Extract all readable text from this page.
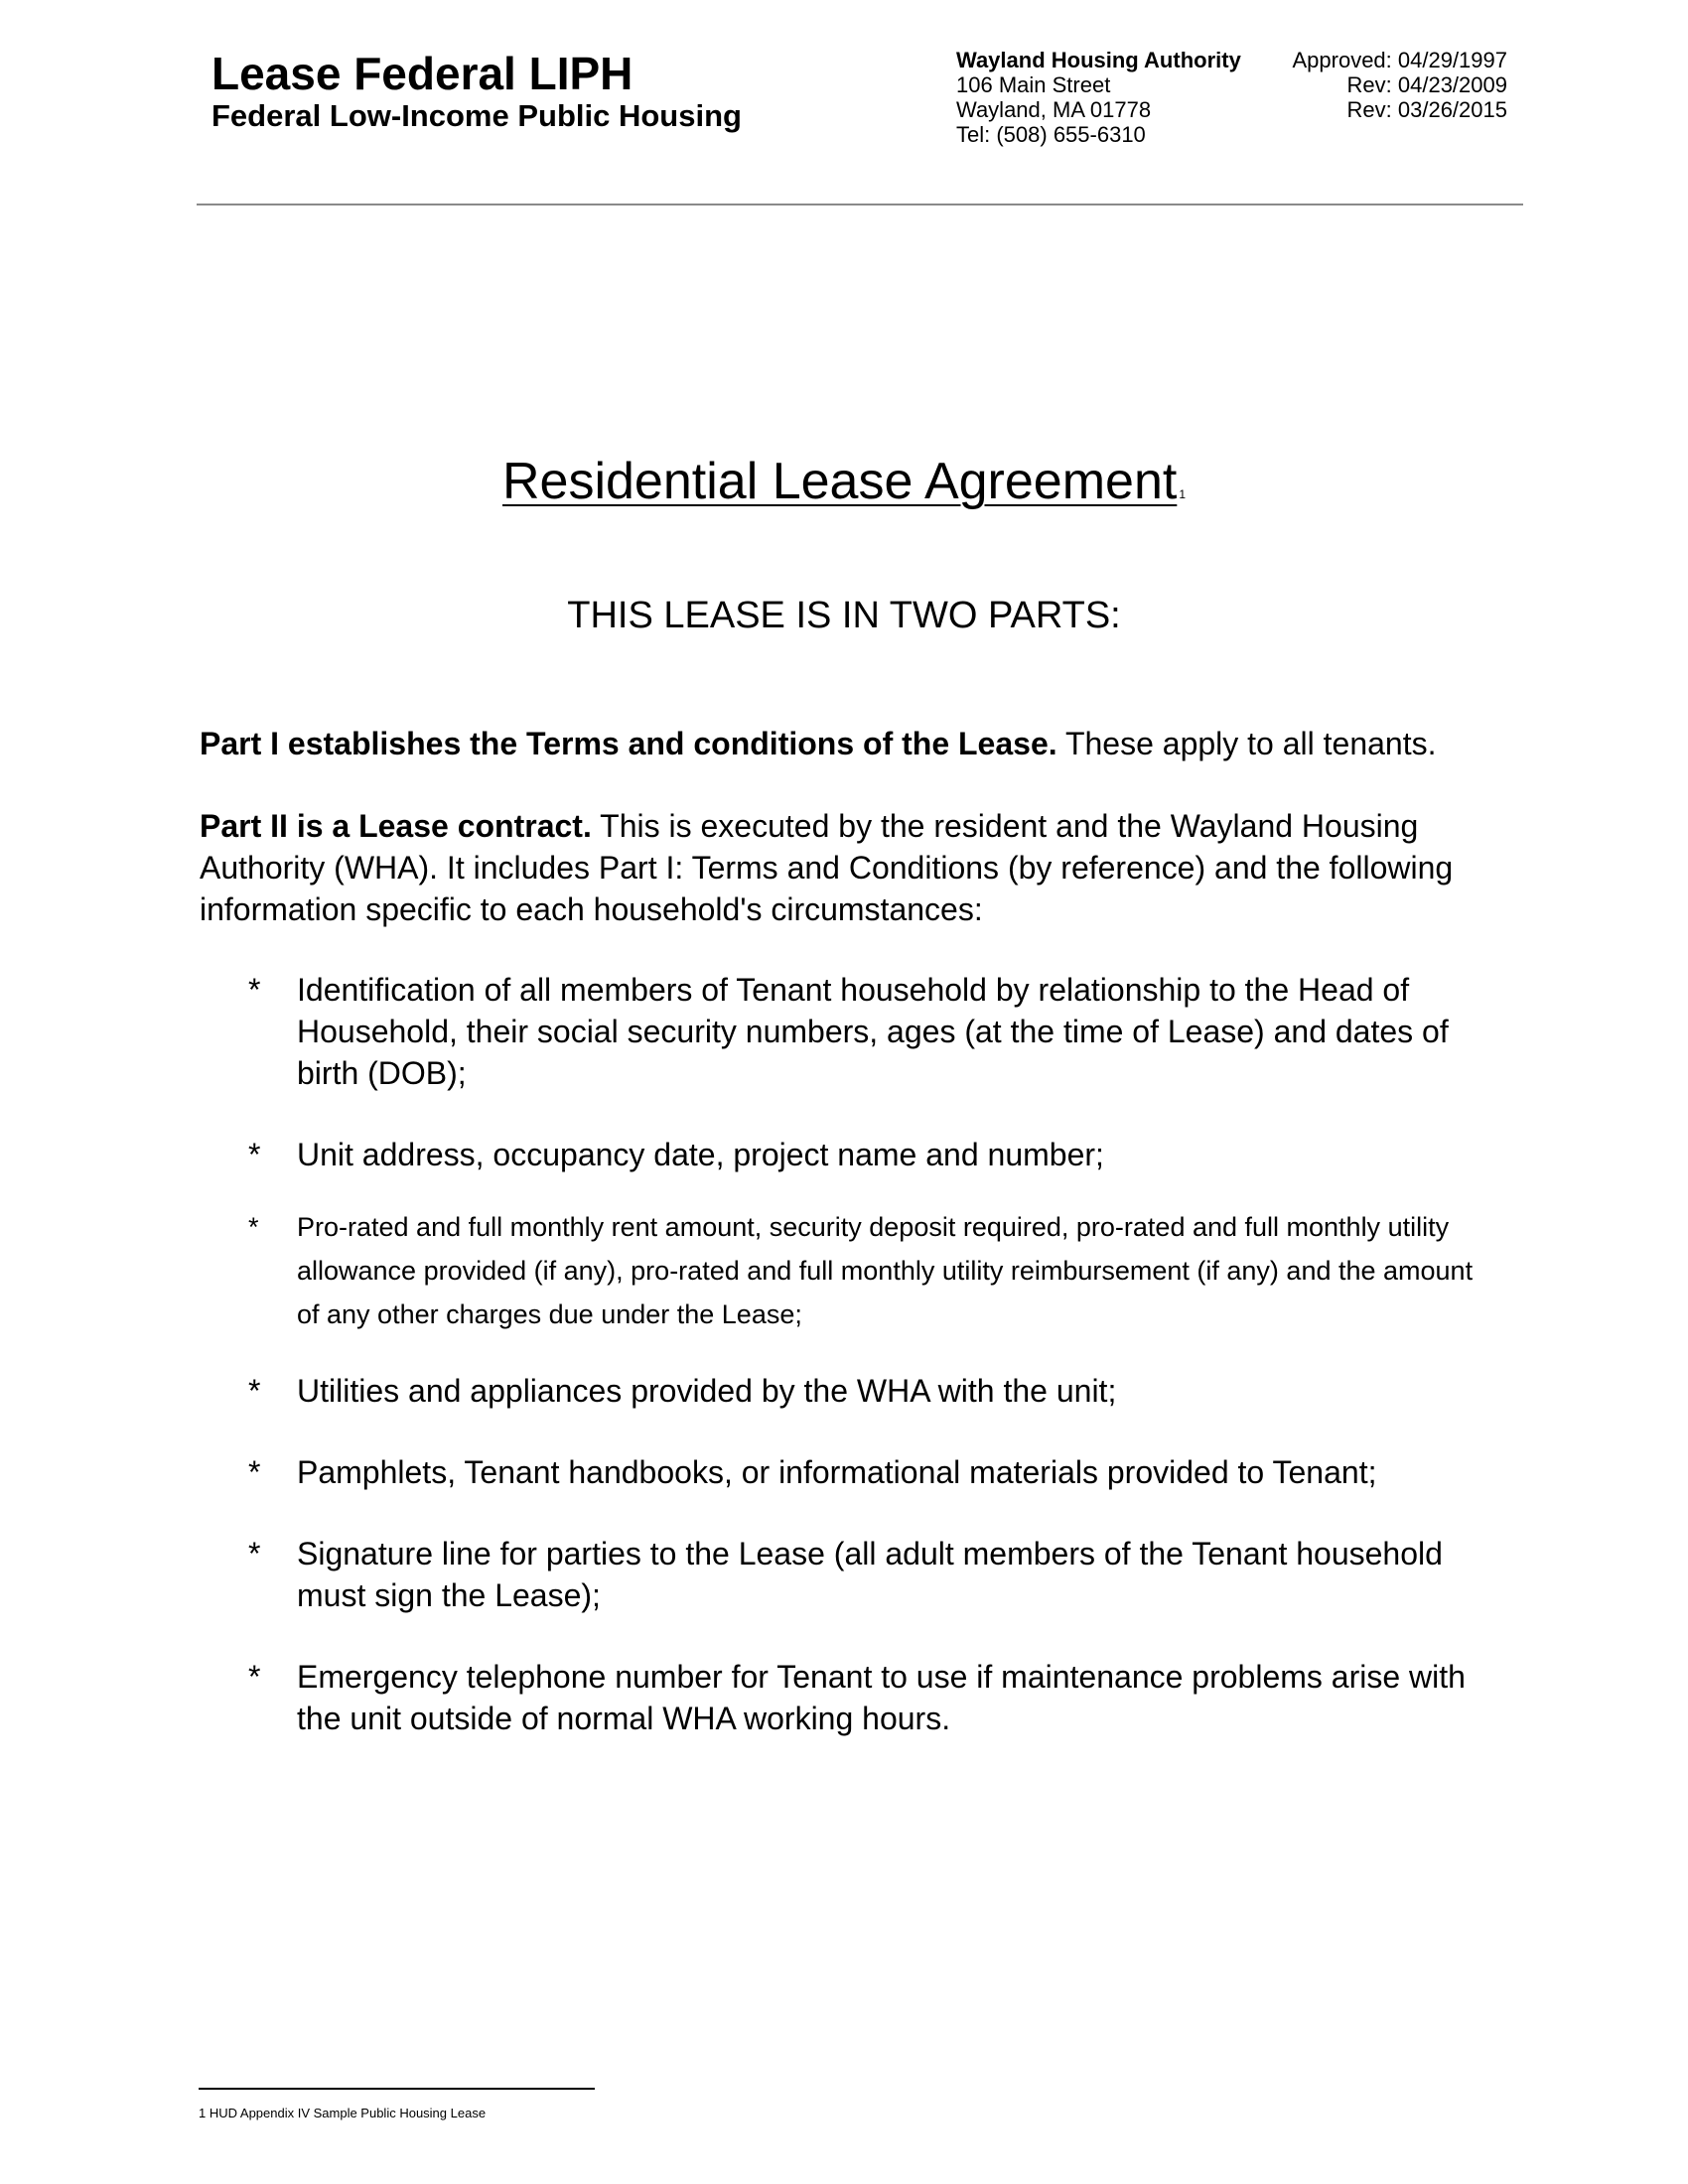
Lease Federal LIPH
Federal Low-Income Public Housing
Wayland Housing Authority
106 Main Street
Wayland, MA 01778
Tel: (508) 655-6310
Approved: 04/29/1997
Rev: 04/23/2009
Rev: 03/26/2015
Residential Lease Agreement 1
THIS LEASE IS IN TWO PARTS:
Part I establishes the Terms and conditions of the Lease. These apply to all tenants.
Part II is a Lease contract. This is executed by the resident and the Wayland Housing Authority (WHA). It includes Part I: Terms and Conditions (by reference) and the following information specific to each household's circumstances:
* Identification of all members of Tenant household by relationship to the Head of Household, their social security numbers, ages (at the time of Lease) and dates of birth (DOB);
* Unit address, occupancy date, project name and number;
* Pro-rated and full monthly rent amount, security deposit required, pro-rated and full monthly utility allowance provided (if any), pro-rated and full monthly utility reimbursement (if any) and the amount of any other charges due under the Lease;
* Utilities and appliances provided by the WHA with the unit;
* Pamphlets, Tenant handbooks, or informational materials provided to Tenant;
* Signature line for parties to the Lease (all adult members of the Tenant household must sign the Lease);
* Emergency telephone number for Tenant to use if maintenance problems arise with the unit outside of normal WHA working hours.
1 HUD Appendix IV Sample Public Housing Lease
